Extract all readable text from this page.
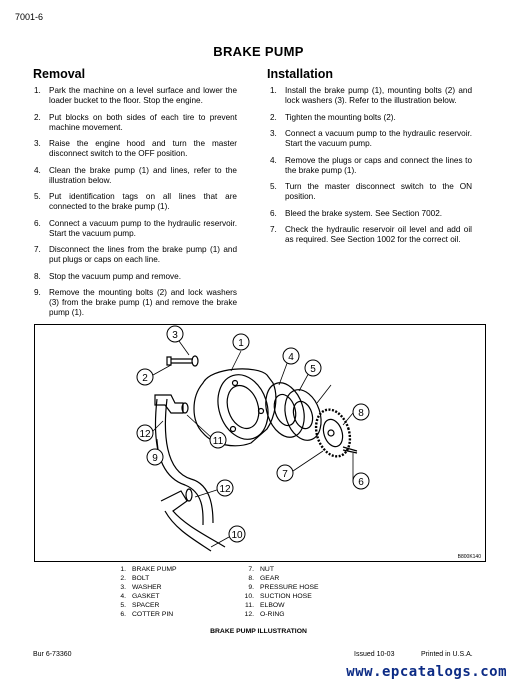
7001-6
BRAKE PUMP
Removal	Installation
1. Park the machine on a level surface and lower the loader bucket to the floor. Stop the engine.
2. Put blocks on both sides of each tire to prevent machine movement.
3. Raise the engine hood and turn the master disconnect switch to the OFF position.
4. Clean the brake pump (1) and lines, refer to the illustration below.
5. Put identification tags on all lines that are connected to the brake pump (1).
6. Connect a vacuum pump to the hydraulic reservoir. Start the vacuum pump.
7. Disconnect the lines from the brake pump (1) and put plugs or caps on each line.
8. Stop the vacuum pump and remove.
9. Remove the mounting bolts (2) and lock washers (3) from the brake pump (1) and remove the brake pump (1).
1. Install the brake pump (1), mounting bolts (2) and lock washers (3). Refer to the illustration below.
2. Tighten the mounting bolts (2).
3. Connect a vacuum pump to the hydraulic reservoir. Start the vacuum pump.
4. Remove the plugs or caps and connect the lines to the brake pump (1).
5. Turn the master disconnect switch to the ON position.
6. Bleed the brake system. See Section 7002.
7. Check the hydraulic reservoir oil level and add oil as required. See Section 1002 for the correct oil.
3
2
1
4
5
8
6
7
11
12
9
12
10
B800K140
1. BRAKE PUMP
2. BOLT
3. WASHER
4. GASKET
5. SPACER
6. COTTER PIN
7. NUT
8. GEAR
9. PRESSURE HOSE
10. SUCTION HOSE
11. ELBOW
12. O-RING
BRAKE PUMP ILLUSTRATION
Bur 6-73360	Issued 10-03	Printed in U.S.A.
www.epcatalogs.com
